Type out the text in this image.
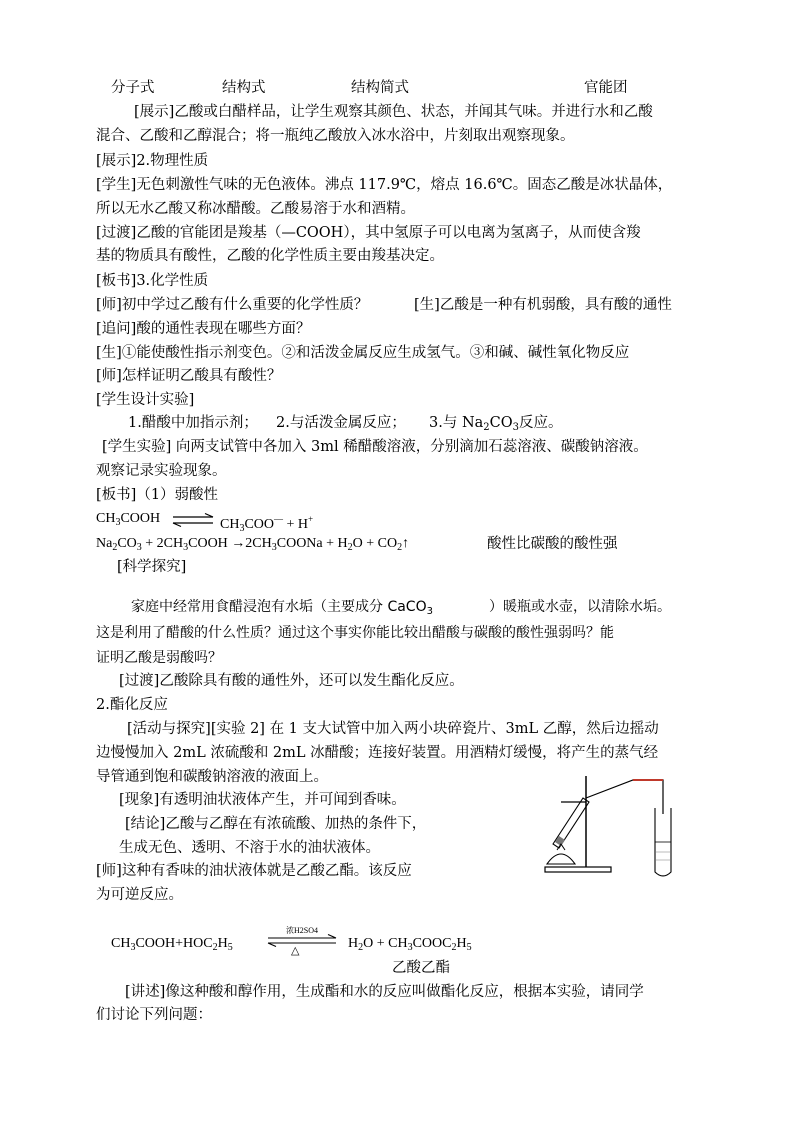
分子式	结构式	结构简式	官能团
[展示]乙酸或白醋样品，让学生观察其颜色、状态，并闻其气味。并进行水和乙酸
混合、乙酸和乙醇混合；将一瓶纯乙酸放入冰水浴中，片刻取出观察现象。
[展示]2.物理性质
[学生]无色刺激性气味的无色液体。沸点 117.9℃，熔点 16.6℃。固态乙酸是冰状晶体，
所以无水乙酸又称冰醋酸。乙酸易溶于水和酒精。
[过渡]乙酸的官能团是羧基（—COOH），其中氢原子可以电离为氢离子，从而使含羧
基的物质具有酸性，乙酸的化学性质主要由羧基决定。
[板书]3.化学性质
[师]初中学过乙酸有什么重要的化学性质？	[生]乙酸是一种有机弱酸，具有酸的通性
[追问]酸的通性表现在哪些方面？
[生]①能使酸性指示剂变色。②和活泼金属反应生成氢气。③和碱、碱性氧化物反应
[师]怎样证明乙酸具有酸性？
[学生设计实验]
1.醋酸中加指示剂； 2.与活泼金属反应； 3.与 $Na_2CO_3$反应。
[学生实验] 向两支试管中各加入 3ml 稀醋酸溶液，分别滴加石蕊溶液、碳酸钠溶液。
观察记录实验现象。
[板书]（1）弱酸性
$CH_3COOH$ ⇌ $CH_3COO^— + H^+$
$Na_2CO_3$ + $2CH_3COOH$ $\to 2CH_3COONa + H_2O$ + $CO_2↑$	酸性比碳酸的酸性强
[科学探究]
家庭中经常用食醋浸泡有水垢（主要成分 CaCO$_3$	）暖瓶或水壶，以清除水垢。
这是利用了醋酸的什么性质？通过这个事实你能比较出醋酸与碳酸的酸性强弱吗？能
证明乙酸是弱酸吗？
[过渡]乙酸除具有酸的通性外，还可以发生酯化反应。
2.酯化反应
[活动与探究][实验 2] 在 1 支大试管中加入两小块碎瓷片、3mL 乙醇，然后边摇动
边慢慢加入 2mL 浓硫酸和 2mL 冰醋酸；连接好装置。用酒精灯缓慢，将产生的蒸气经
导管通到饱和碳酸钠溶液的液面上。
[现象]有透明油状液体产生，并可闻到香味。
[结论]乙酸与乙醇在有浓硫酸、加热的条件下，
生成无色、透明、不溶于水的油状液体。
[师]这种有香味的油状液体就是乙酸乙酯。该反应
为可逆反应。
$CH_3COOH+HOC_2H_5$
浓H2SO4
△	$H_2O$ + $CH_3COOC_2H_5$
乙酸乙酯
[讲述]像这种酸和醇作用，生成酯和水的反应叫做酯化反应，根据本实验，请同学
们讨论下列问题：
